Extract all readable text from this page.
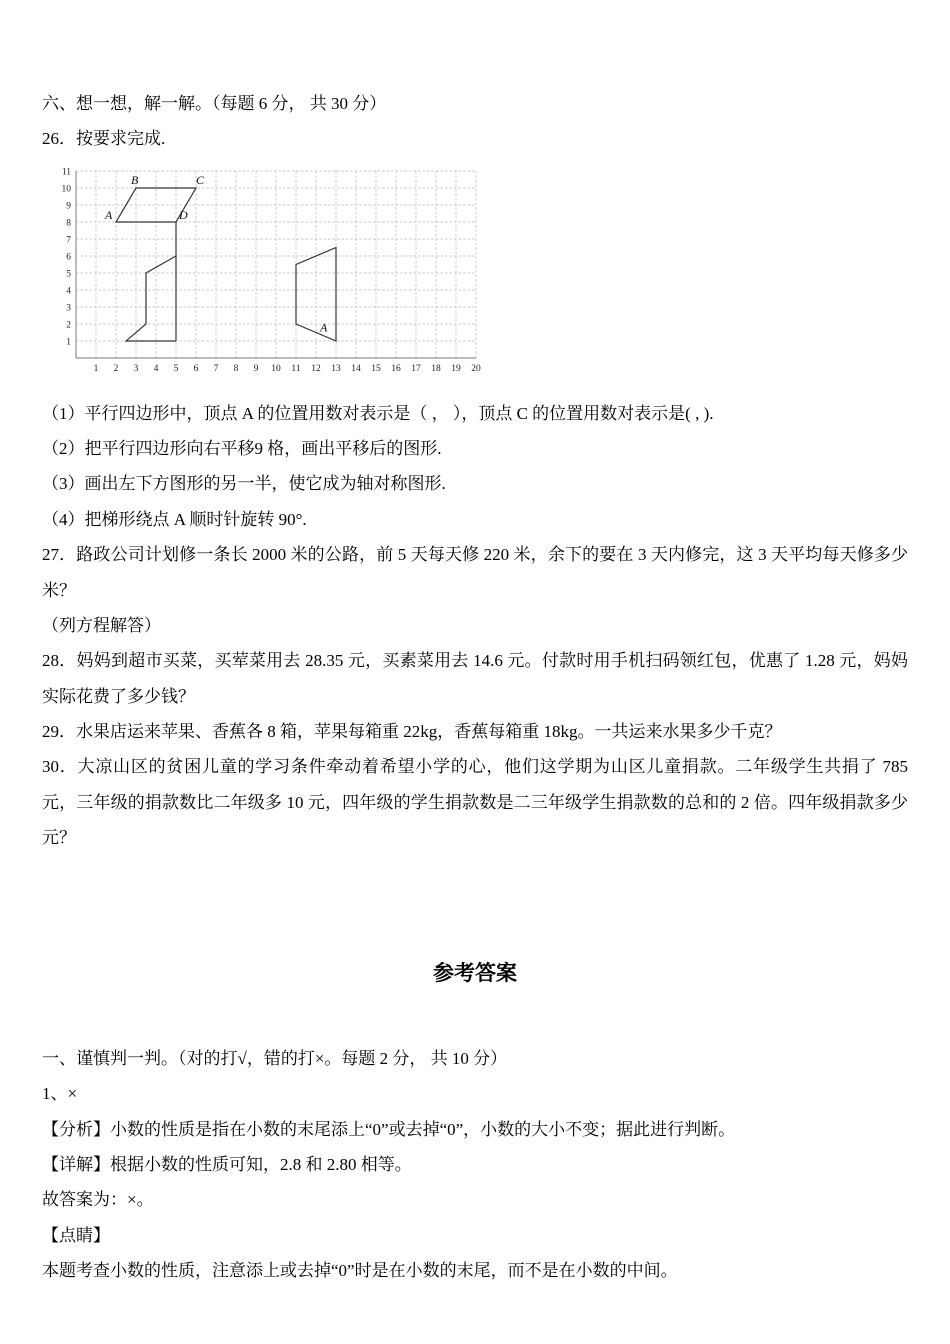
六、想一想，解一解。（每题 6 分， 共 30 分）

26．按要求完成.

1
2
3
4
5
6
7
8
9
10
11
1 2 3 4 5 6 7 8 9 10 11 12 13 14 15 16 17 18 19 20
A
B	C
D
A

（1）平行四边形中，顶点 A 的位置用数对表示是（ ， ），顶点 C 的位置用数对表示是( , ).

（2）把平行四边形向右平移9 格，画出平移后的图形.

（3）画出左下方图形的另一半，使它成为轴对称图形.

（4）把梯形绕点 A 顺时针旋转 90°.

27．路政公司计划修一条长 2000 米的公路，前 5 天每天修 220 米，余下的要在 3 天内修完，这 3 天平均每天修多少米？

（列方程解答）

28．妈妈到超市买菜，买荤菜用去 28.35 元，买素菜用去 14.6 元。付款时用手机扫码领红包，优惠了 1.28 元，妈妈实际花费了多少钱？

29．水果店运来苹果、香蕉各 8 箱，苹果每箱重 22kg，香蕉每箱重 18kg。一共运来水果多少千克？

30．大凉山区的贫困儿童的学习条件牵动着希望小学的心，他们这学期为山区儿童捐款。二年级学生共捐了 785 元，三年级的捐款数比二年级多 10 元，四年级的学生捐款数是二三年级学生捐款数的总和的 2 倍。四年级捐款多少元？

参考答案

一、谨慎判一判。（对的打√，错的打×。每题 2 分， 共 10 分）

1、×

【分析】小数的性质是指在小数的末尾添上“0”或去掉“0”，小数的大小不变；据此进行判断。

【详解】根据小数的性质可知，2.8 和 2.80 相等。

故答案为：×。

【点睛】

本题考查小数的性质，注意添上或去掉“0”时是在小数的末尾，而不是在小数的中间。
